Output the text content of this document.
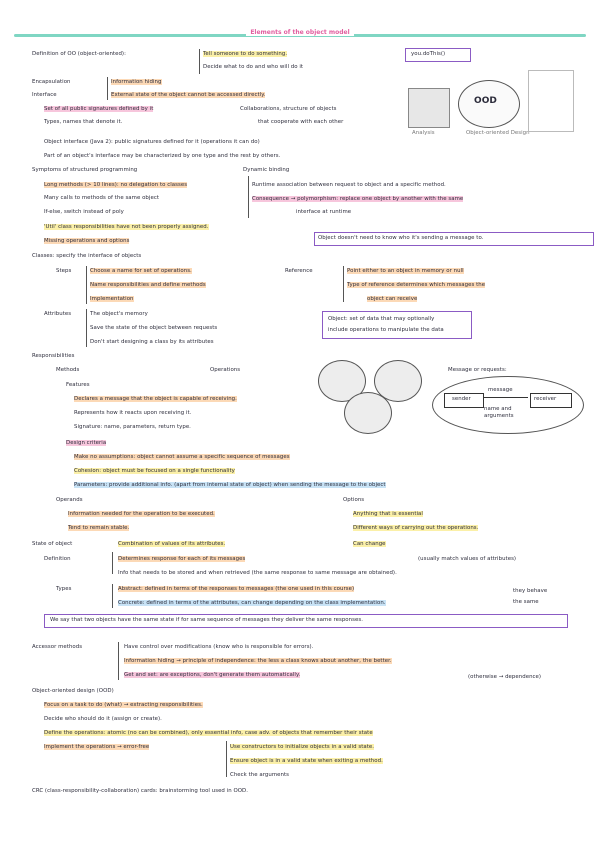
Elements of the object model
Definition of OO (object-oriented):	Tell someone to do something.
Decide what to do and who will do it
you.doThis()
Encapsulation	Information hiding
Interface	External state of the object cannot be accessed directly.
Set of all public signatures defined by it	Collaborations, structure of objects
Types, names that denote it.	that cooperate with each other
Object interface (Java 2): public signatures defined for it (operations it can do)
Part of an object's interface may be characterized by one type and the rest by others.
Analysis
OOD
Object-oriented Design
Symptoms of structured programming	Dynamic binding
Long methods (> 10 lines): no delegation to classes
Many calls to methods of the same object
If-else, switch instead of poly
'Util' class responsibilities have not been properly assigned.
Missing operations and options
Runtime association between request to object and a specific method.
Consequence → polymorphism: replace one object by another with the same
interface at runtime
Object doesn't need to know who it's sending a message to.
Classes: specify the interface of objects
Steps	Choose a name for set of operations.
Name responsibilities and define methods
Implementation
Reference	Point either to an object in memory or null
Type of reference determines which messages the
object can receive
Attributes	The object's memory
Save the state of the object between requests
Don't start designing a class by its attributes
Object: set of data that may optionally
include operations to manipulate the data
Responsibilities
Methods	Operations	Message or requests:
sender	receiver
message
name and arguments
Features
Declares a message that the object is capable of receiving.
Represents how it reacts upon receiving it.
Signature: name, parameters, return type.
Design criteria
Make no assumptions: object cannot assume a specific sequence of messages
Cohesion: object must be focused on a single functionality
Parameters: provide additional info. (apart from internal state of object) when sending the message to the object
Operands
Information needed for the operation to be executed.
Tend to remain stable.
Options
Anything that is essential
Different ways of carrying out the operations.
Can change
State of object	Combination of values of its attributes.
Definition	Determines response for each of its messages	(usually match values of attributes)
Info that needs to be stored and when retrieved (the same response to same message are obtained).
Types	Abstract: defined in terms of the responses to messages (the one used in this course)
Concrete: defined in terms of the attributes, can change depending on the class implementation.
they behave
the same
We say that two objects have the same state if for same sequence of messages they deliver the same responses.
Accessor methods	Have control over modifications (know who is responsible for errors).
Information hiding → principle of independence: the less a class knows about another, the better.
Get and set: are exceptions, don't generate them automatically.	(otherwise → dependence)
Object-oriented design (OOD)
Focus on a task to do (what) → extracting responsibilities.
Decide who should do it (assign or create).
Define the operations: atomic (no can be combined), only essential info, case adv. of objects that remember their state
Implement the operations → error-free	Use constructors to initialize objects in a valid state.
Ensure object is in a valid state when exiting a method.
Check the arguments
CRC (class-responsibility-collaboration) cards: brainstorming tool used in OOD.
